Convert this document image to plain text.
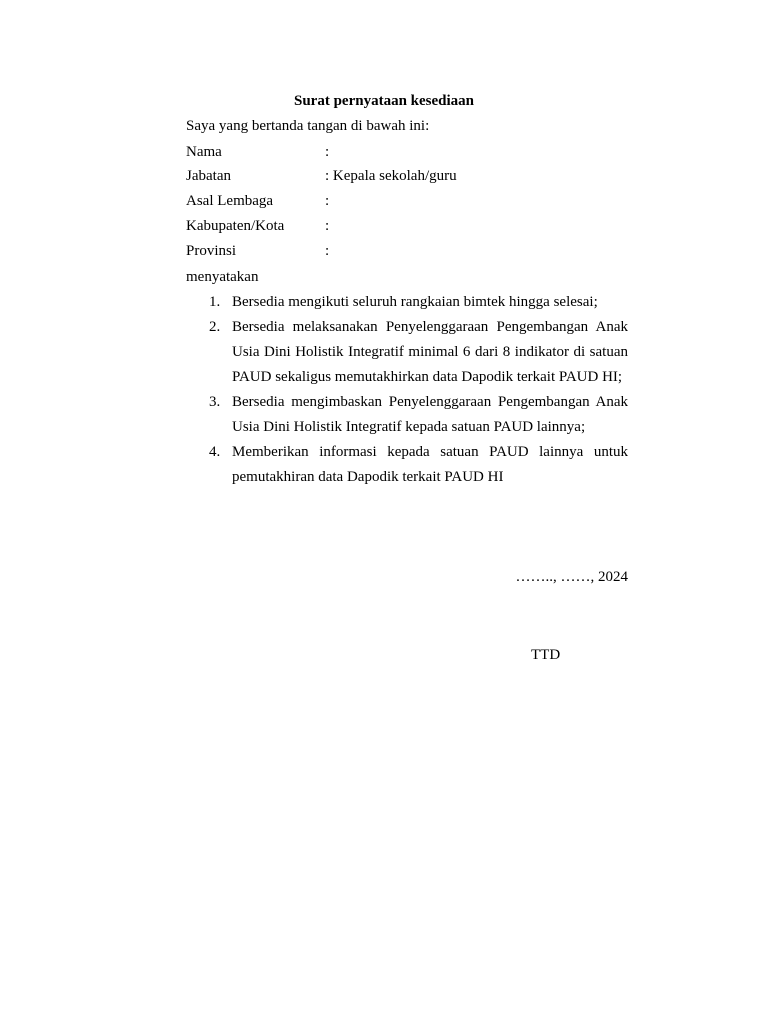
Surat pernyataan kesediaan
Saya yang bertanda tangan di bawah ini:
Nama	:
Jabatan	: Kepala sekolah/guru
Asal Lembaga	:
Kabupaten/Kota	:
Provinsi	:
menyatakan
1. Bersedia mengikuti seluruh rangkaian bimtek hingga selesai;
2. Bersedia melaksanakan Penyelenggaraan Pengembangan Anak Usia Dini Holistik Integratif minimal 6 dari 8 indikator di satuan PAUD sekaligus memutakhirkan data Dapodik terkait PAUD HI;
3. Bersedia mengimbaskan Penyelenggaraan Pengembangan Anak Usia Dini Holistik Integratif kepada satuan PAUD lainnya;
4. Memberikan informasi kepada satuan PAUD lainnya untuk pemutakhiran data Dapodik terkait PAUD HI
…….., ……, 2024
TTD
